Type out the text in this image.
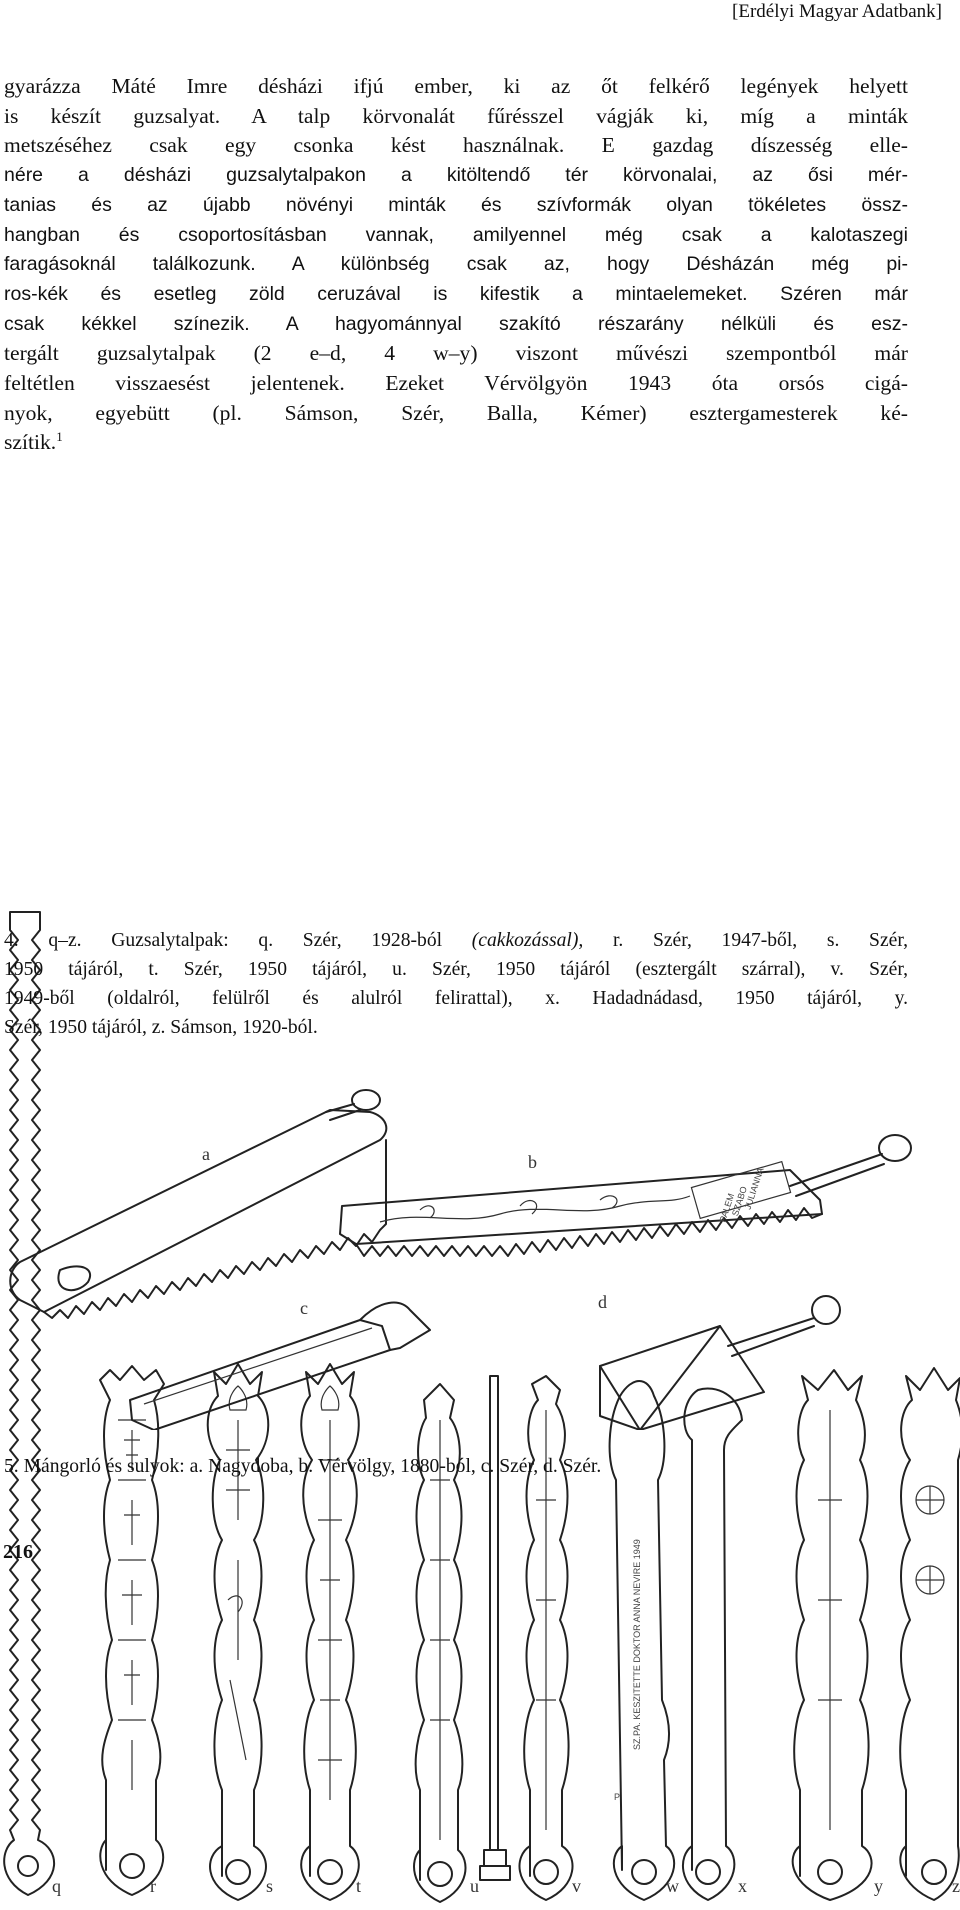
[Erdélyi Magyar Adatbank]

gyarázza Máté Imre désházi ifjú ember, ki az őt felkérő legények helyett
is készít guzsalyat. A talp körvonalát fűrésszel vágják ki, míg a minták
metszéséhez csak egy csonka kést használnak. E gazdag díszesség elle-
nére a désházi guzsalytalpakon a kitöltendő tér körvonalai, az ősi mér-
tanias és az újabb növényi minták és szívformák olyan tökéletes össz-
hangban és csoportosításban vannak, amilyennel még csak a kalotaszegi
faragásoknál találkozunk. A különbség csak az, hogy Désházán még pi-
ros-kék és esetleg zöld ceruzával is kifestik a mintaelemeket. Széren már
csak kékkel színezik. A hagyománnyal szakító részarány nélküli és esz-
tergált guzsalytalpak (2 e–d, 4 w–y) viszont művészi szempontból már
feltétlen visszaesést jelentenek. Ezeket Vérvölgyön 1943 óta orsós cigá-
nyok, egyebütt (pl. Sámson, Szér, Balla, Kémer) esztergamesterek ké-
szítik.$^1$

SZ.PA. KESZITETTE DOKTOR ANNA NEVIRE 1949
P
q	r	s	t	u	v	w	x	y	z

4. q–z. Guzsalytalpak: q. Szér, 1928-ból (cakkozással), r. Szér, 1947-ből, s. Szér,
1950 tájáról, t. Szér, 1950 tájáról, u. Szér, 1950 tájáról (esztergált szárral), v. Szér,
1949-ből (oldalról, felülről és alulról felirattal), x. Hadadnádasd, 1950 tájáról, y.
Szér, 1950 tájáról, z. Sámson, 1920-ból.

PALEM
SZABO
JULIANNA
a	b
c	d

5. Mángorló és sulyok: a. Nagydoba, b. Vérvölgy, 1880-ból, c. Szér, d. Szér.

216
